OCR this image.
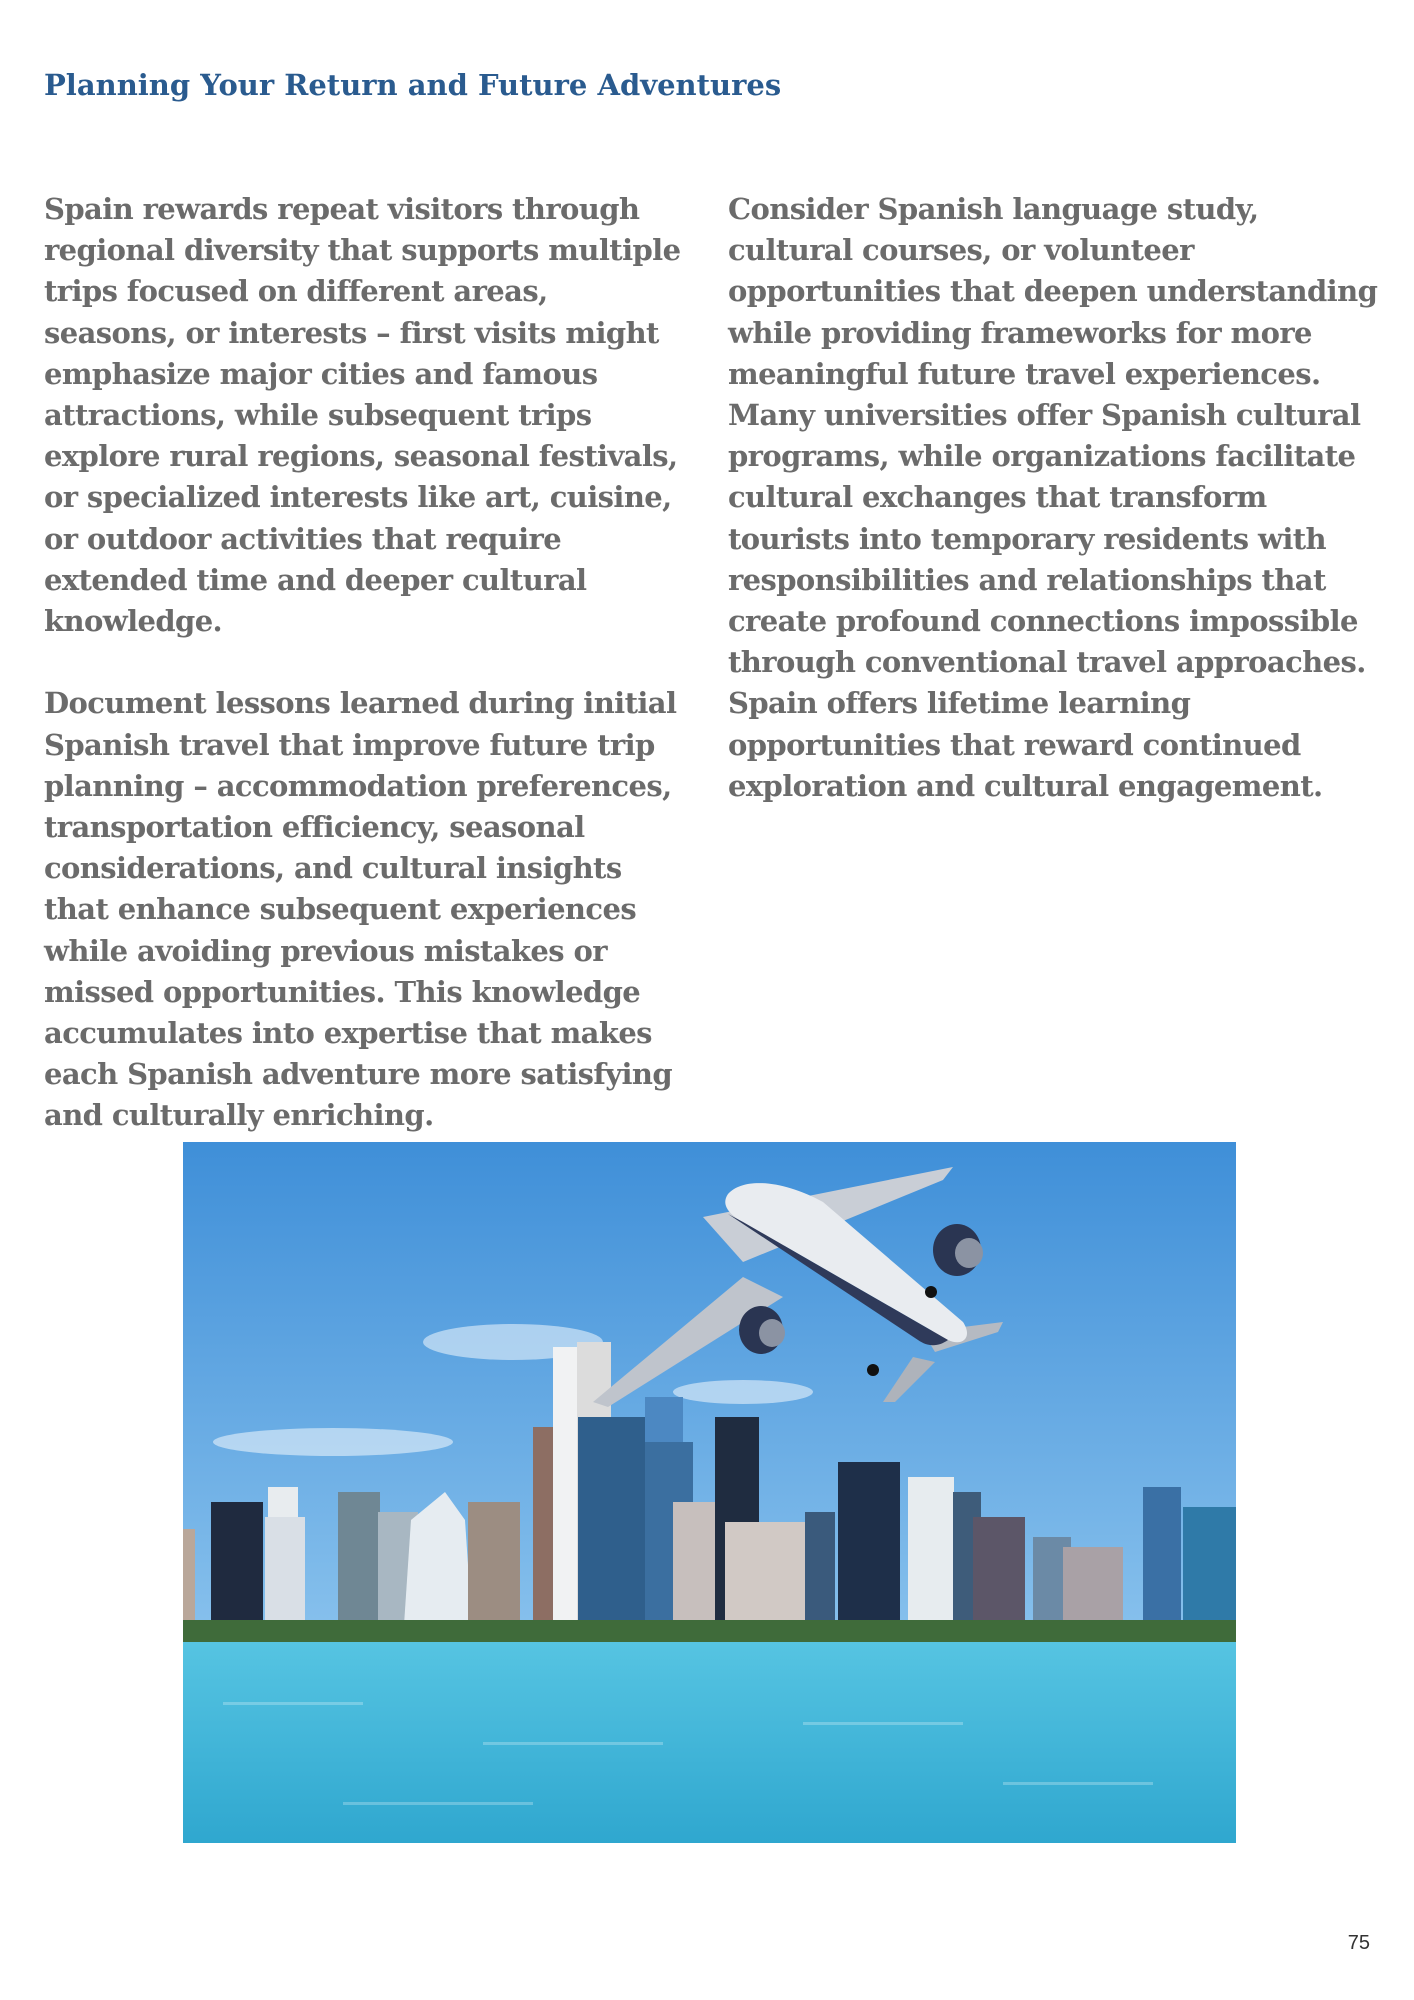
Planning Your Return and Future Adventures

Spain rewards repeat visitors through regional diversity that supports multiple trips focused on different areas, seasons, or interests – first visits might emphasize major cities and famous attractions, while subsequent trips explore rural regions, seasonal festivals, or specialized interests like art, cuisine, or outdoor activities that require extended time and deeper cultural knowledge.

Document lessons learned during initial Spanish travel that improve future trip planning – accommodation preferences, transportation efficiency, seasonal considerations, and cultural insights that enhance subsequent experiences while avoiding previous mistakes or missed opportunities. This knowledge accumulates into expertise that makes each Spanish adventure more satisfying and culturally enriching.

Consider Spanish language study, cultural courses, or volunteer opportunities that deepen understanding while providing frameworks for more meaningful future travel experiences. Many universities offer Spanish cultural programs, while organizations facilitate cultural exchanges that transform tourists into temporary residents with responsibilities and relationships that create profound connections impossible through conventional travel approaches. Spain offers lifetime learning opportunities that reward continued exploration and cultural engagement.

75
